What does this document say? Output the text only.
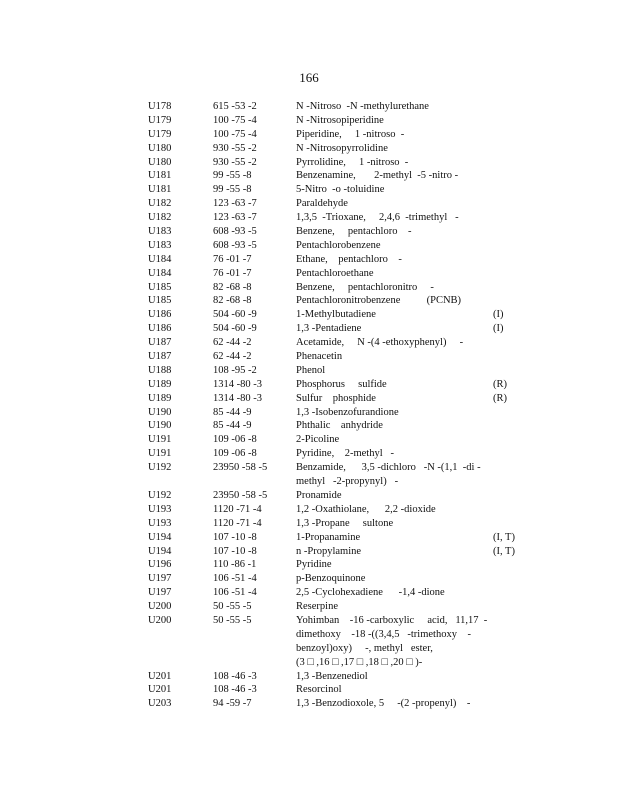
166
U178	615 -53 -2	N -Nitroso  -N -methylurethane
U179	100 -75 -4	N -Nitrosopiperidine
U179	100 -75 -4	Piperidine,     1 -nitroso  -
U180	930 -55 -2	N -Nitrosopyrrolidine
U180	930 -55 -2	Pyrrolidine,     1 -nitroso  -
U181	99 -55 -8	Benzenamine,       2-methyl  -5 -nitro -
U181	99 -55 -8	5-Nitro  -o -toluidine
U182	123 -63 -7	Paraldehyde
U182	123 -63 -7	1,3,5  -Trioxane,     2,4,6  -trimethyl   -
U183	608 -93 -5	Benzene,     pentachloro    -
U183	608 -93 -5	Pentachlorobenzene
U184	76 -01 -7	Ethane,    pentachloro    -
U184	76 -01 -7	Pentachloroethane
U185	82 -68 -8	Benzene,     pentachloronitro     -
U185	82 -68 -8	Pentachloronitrobenzene          (PCNB)
U186	504 -60 -9	1-Methylbutadiene	(I)
U186	504 -60 -9	1,3 -Pentadiene	(I)
U187	62 -44 -2	Acetamide,     N -(4 -ethoxyphenyl)     -
U187	62 -44 -2	Phenacetin
U188	108 -95 -2	Phenol
U189	1314 -80 -3	Phosphorus     sulfide	(R)
U189	1314 -80 -3	Sulfur    phosphide	(R)
U190	85 -44 -9	1,3 -Isobenzofurandione
U190	85 -44 -9	Phthalic    anhydride
U191	109 -06 -8	2-Picoline
U191	109 -06 -8	Pyridine,    2-methyl   -
U192	23950 -58 -5	Benzamide,      3,5 -dichloro   -N -(1,1  -di -
methyl   -2-propynyl)   -
U192	23950 -58 -5	Pronamide
U193	1120 -71 -4	1,2 -Oxathiolane,      2,2 -dioxide
U193	1120 -71 -4	1,3 -Propane     sultone
U194	107 -10 -8	1-Propanamine	(I, T)
U194	107 -10 -8	n -Propylamine	(I, T)
U196	110 -86 -1	Pyridine
U197	106 -51 -4	p-Benzoquinone
U197	106 -51 -4	2,5 -Cyclohexadiene      -1,4 -dione
U200	50 -55 -5	Reserpine
U200	50 -55 -5	Yohimban    -16 -carboxylic     acid,   11,17  -
dimethoxy    -18 -((3,4,5   -trimethoxy    -
benzoyl)oxy)     -, methyl   ester,
(3 □ ,16 □ ,17 □ ,18 □ ,20 □ )-
U201	108 -46 -3	1,3 -Benzenediol
U201	108 -46 -3	Resorcinol
U203	94 -59 -7	1,3 -Benzodioxole, 5     -(2 -propenyl)    -
